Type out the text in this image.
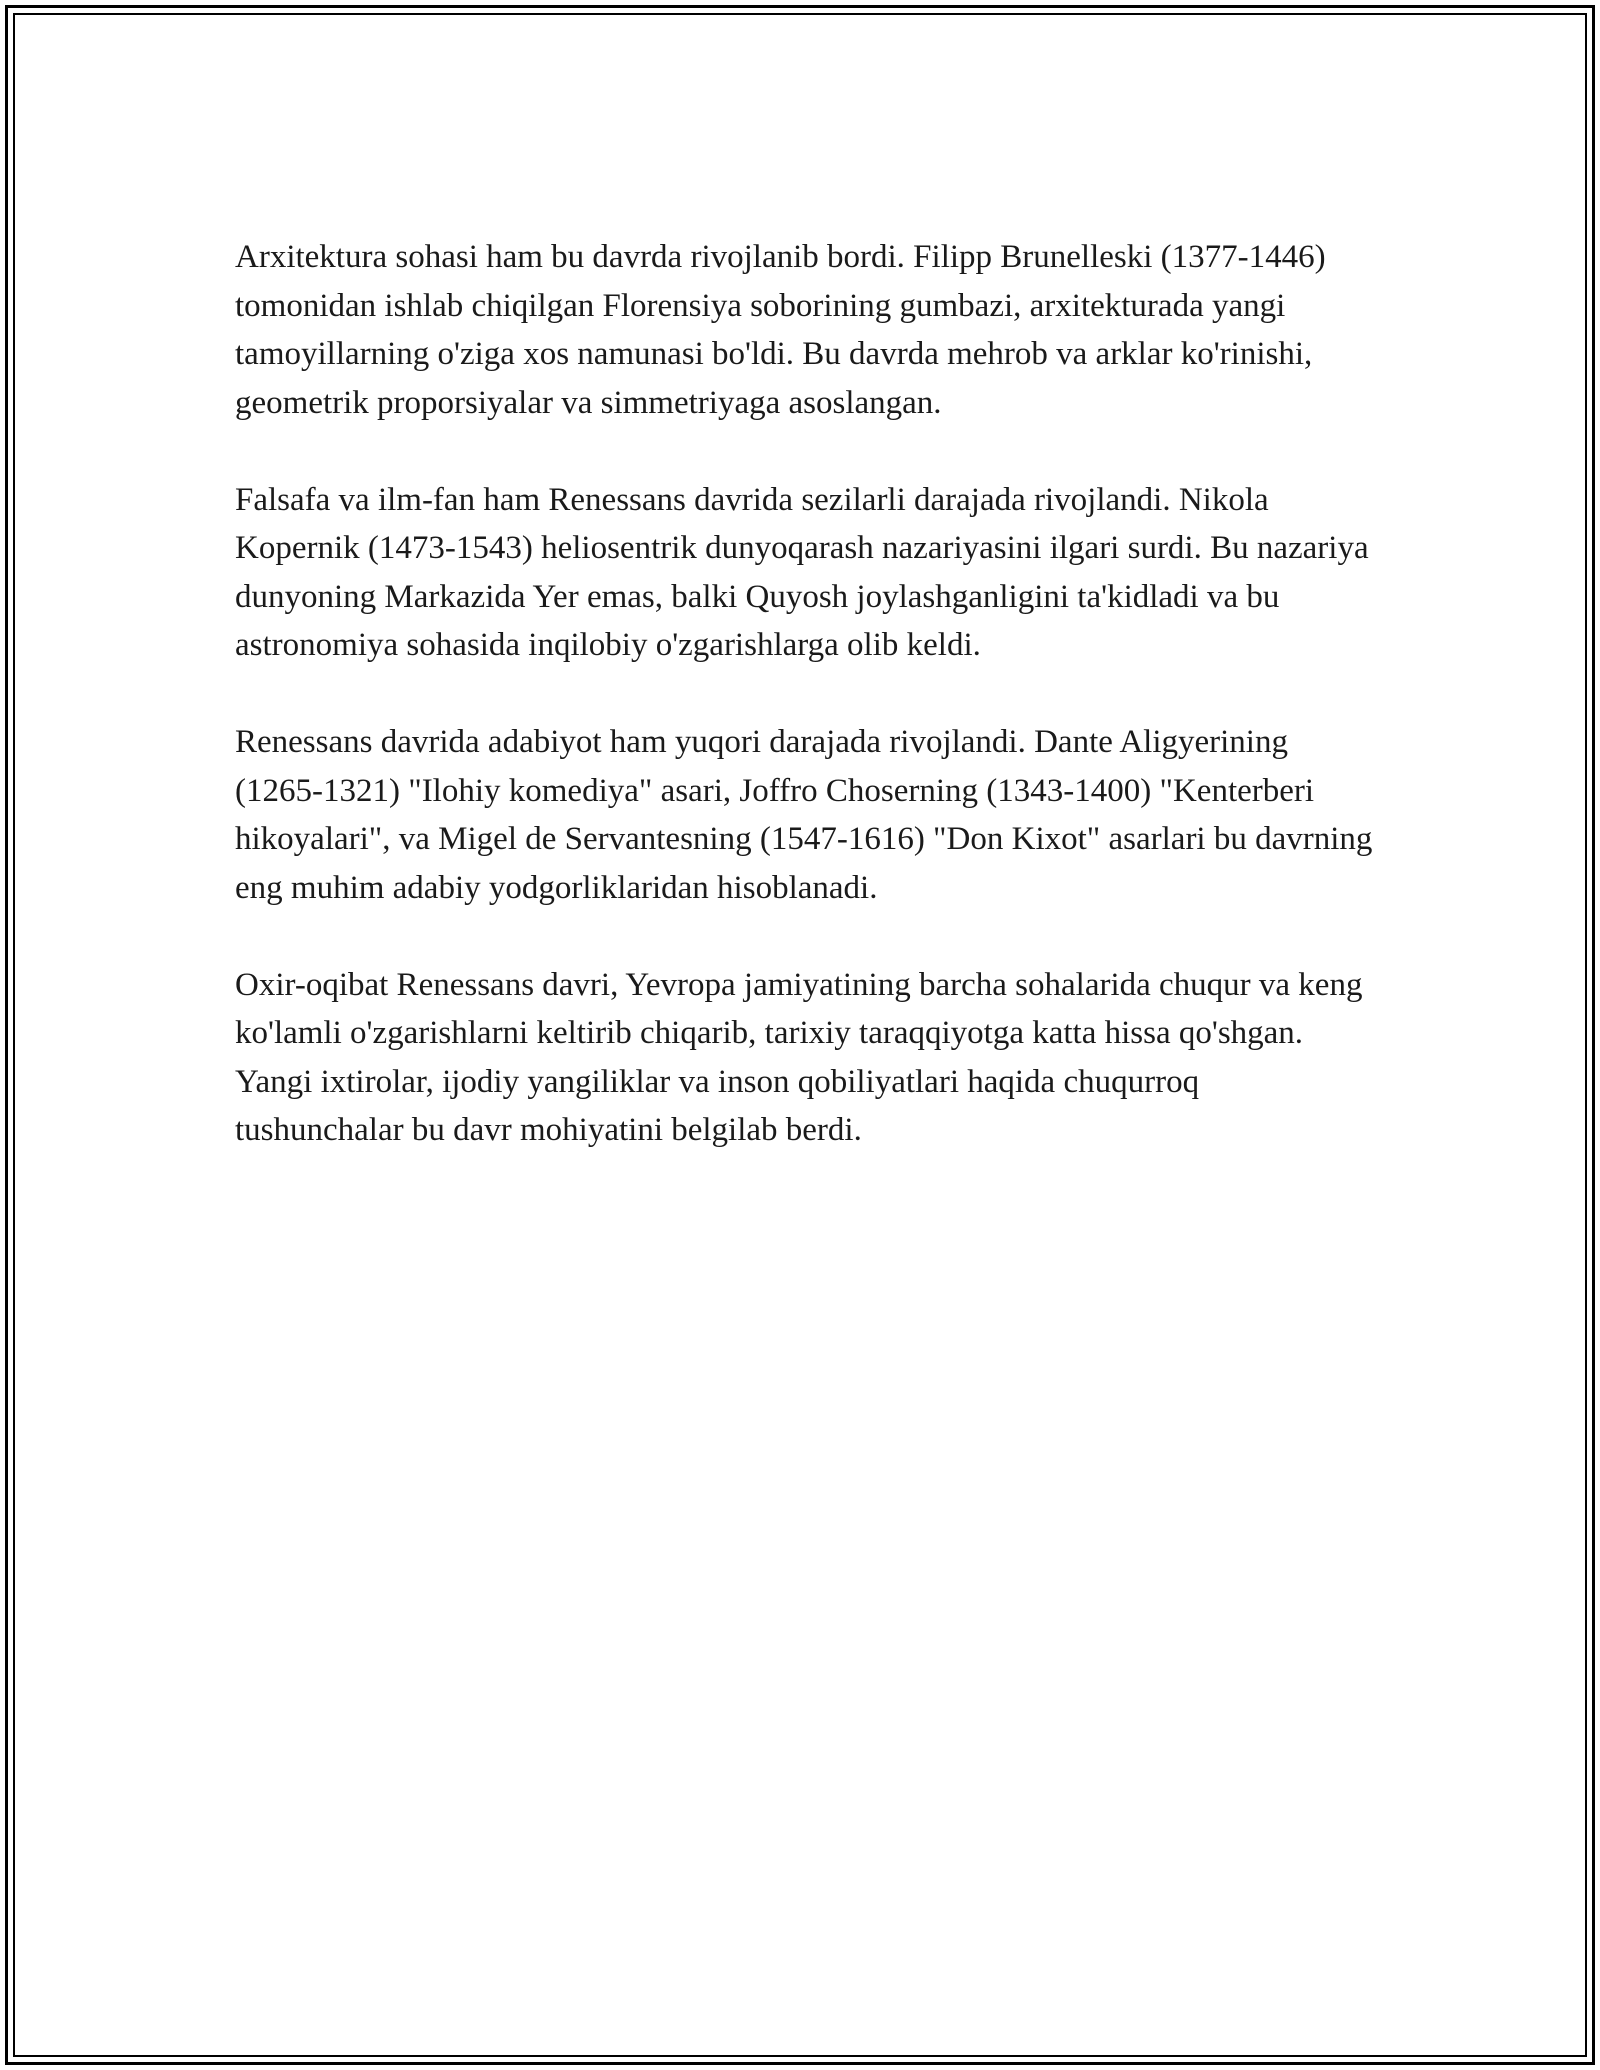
Arxitektura sohasi ham bu davrda rivojlanib bordi. Filipp Brunelleski (1377-1446) tomonidan ishlab chiqilgan Florensiya soborining gumbazi, arxitekturada yangi tamoyillarning o'ziga xos namunasi bo'ldi. Bu davrda mehrob va arklar ko'rinishi, geometrik proporsiyalar va simmetriyaga asoslangan.

Falsafa va ilm-fan ham Renessans davrida sezilarli darajada rivojlandi. Nikola Kopernik (1473-1543) heliosentrik dunyoqarash nazariyasini ilgari surdi. Bu nazariya dunyoning Markazida Yer emas, balki Quyosh joylashganligini ta'kidladi va bu astronomiya sohasida inqilobiy o'zgarishlarga olib keldi.

Renessans davrida adabiyot ham yuqori darajada rivojlandi. Dante Aligyerining (1265-1321) "Ilohiy komediya" asari, Joffro Choserning (1343-1400) "Kenterberi hikoyalari", va Migel de Servantesning (1547-1616) "Don Kixot" asarlari bu davrning eng muhim adabiy yodgorliklaridan hisoblanadi.

Oxir-oqibat Renessans davri, Yevropa jamiyatining barcha sohalarida chuqur va keng ko'lamli o'zgarishlarni keltirib chiqarib, tarixiy taraqqiyotga katta hissa qo'shgan. Yangi ixtirolar, ijodiy yangiliklar va inson qobiliyatlari haqida chuqurroq tushunchalar bu davr mohiyatini belgilab berdi.
